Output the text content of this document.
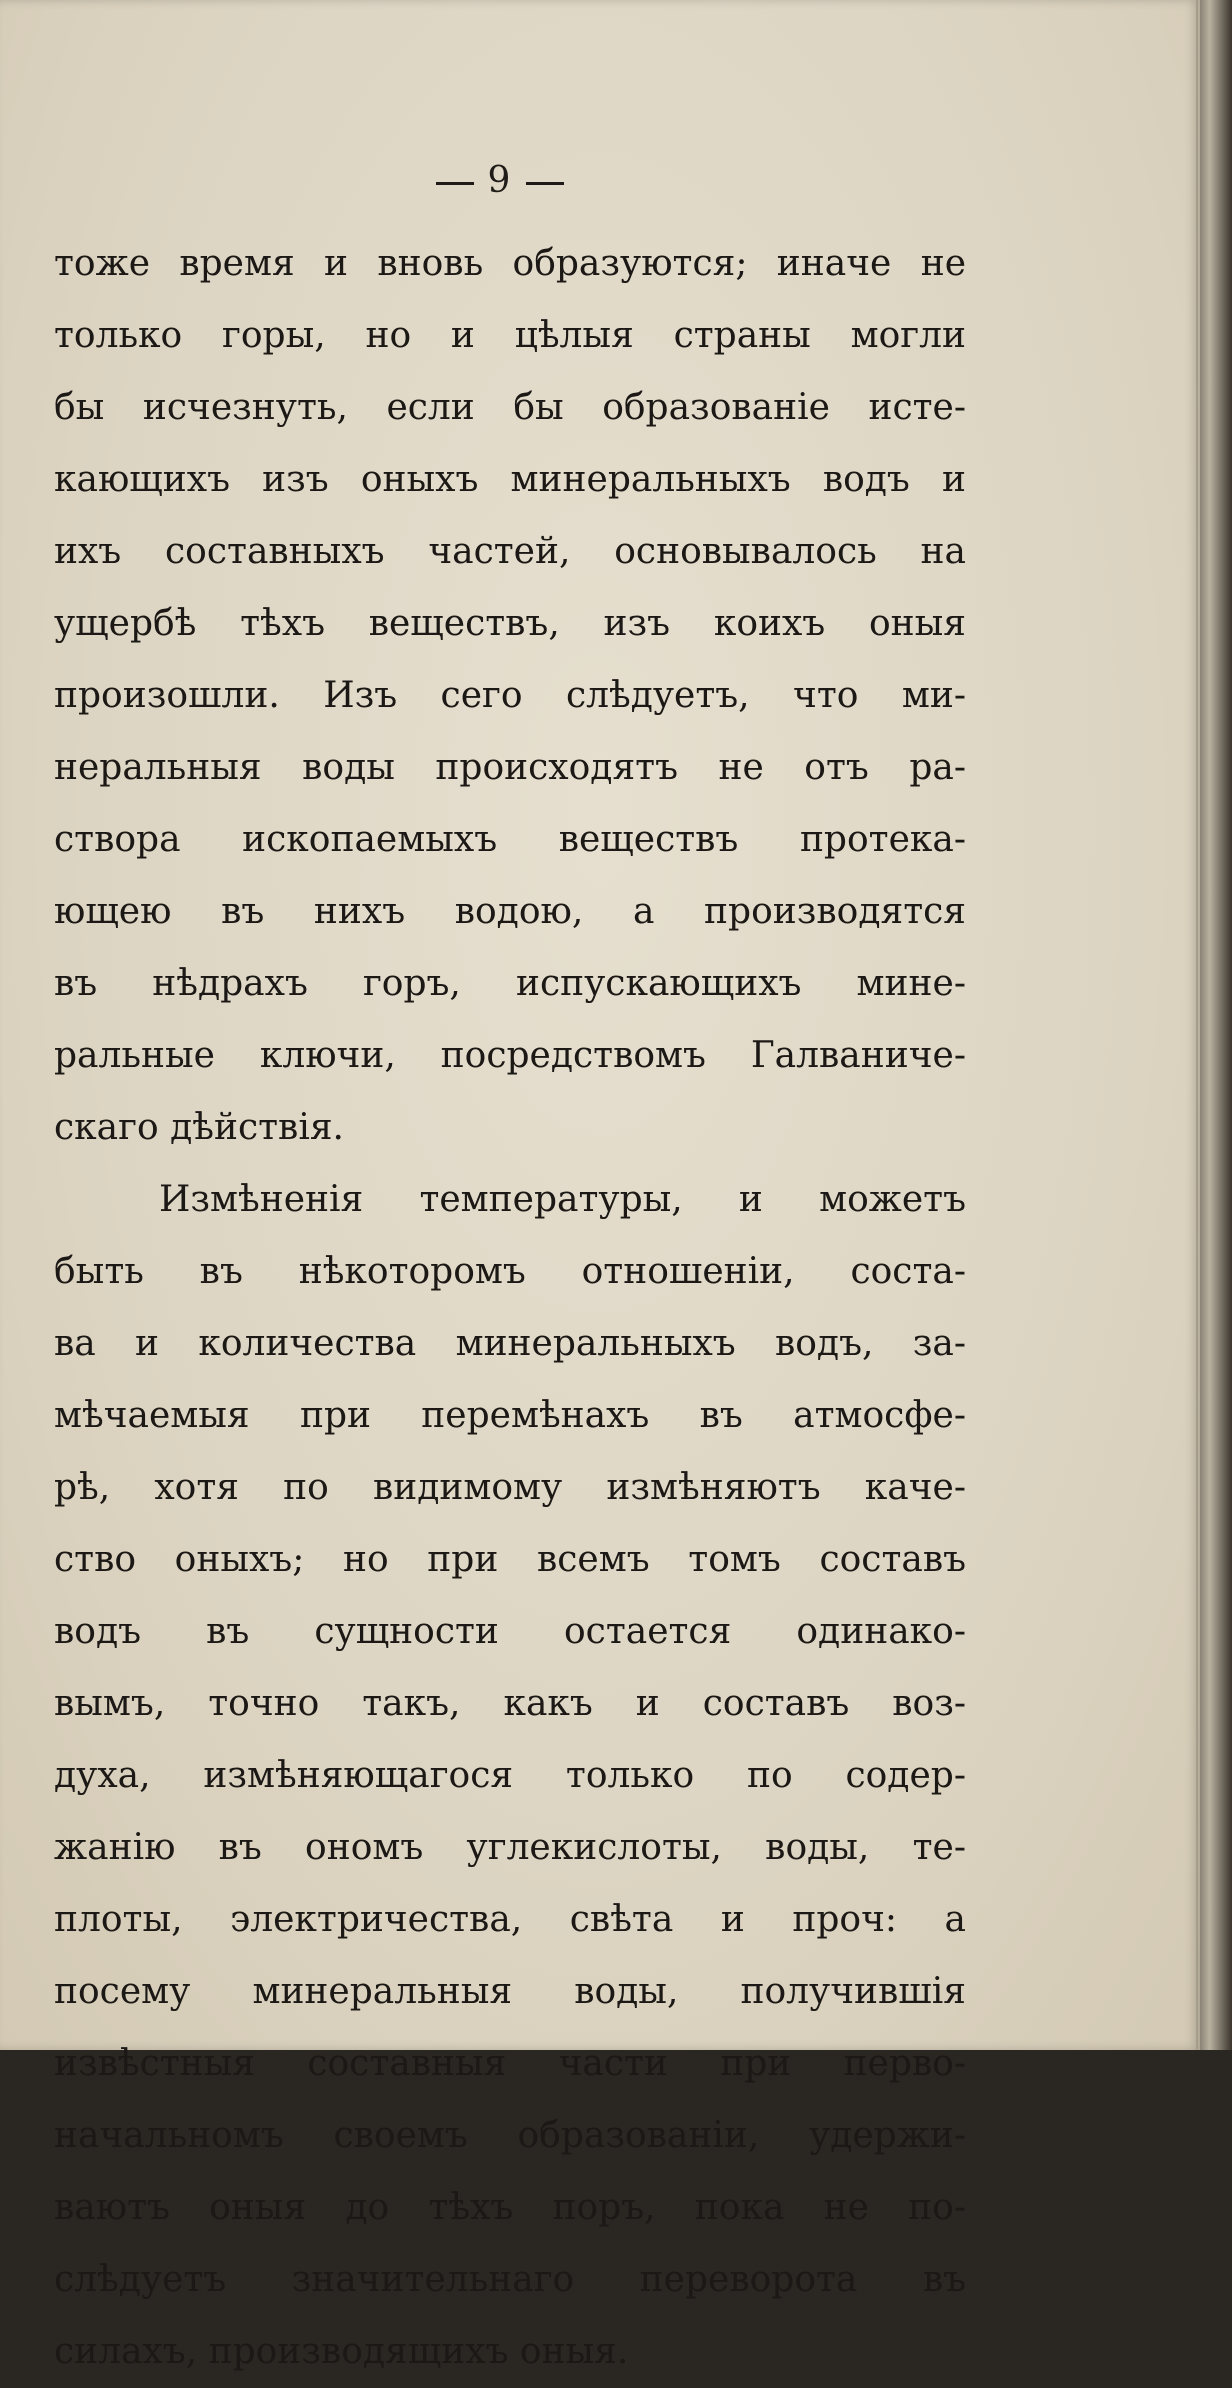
9
тоже время и вновь образуются; иначе не
только горы, но и цѣлыя страны могли
бы исчезнуть, если бы образованіе истe-
кающихъ изъ оныхъ минеральныхъ водъ и
ихъ составныхъ частей, основывалось на
ущербѣ тѣхъ веществъ, изъ коихъ оныя
произошли. Изъ сего слѣдуетъ, что ми-
неральныя воды происходятъ не отъ ра-
створа ископаемыхъ веществъ протека-
ющею въ нихъ водою, а производятся
въ нѣдрахъ горъ, испускающихъ мине-
ральные ключи, посредствомъ Галваниче-
скаго дѣйствія.
Измѣненія температуры, и можетъ
быть въ нѣкоторомъ отношеніи, соста-
ва и количества минеральныхъ водъ, за-
мѣчаемыя при перемѣнахъ въ атмосфе-
рѣ, хотя по видимому измѣняютъ каче-
ство оныхъ; но при всемъ томъ составъ
водъ въ сущности остается одинако-
вымъ, точно такъ, какъ и составъ воз-
духа, измѣняющагося только по содер-
жанію въ ономъ углекислоты, воды, те-
плоты, электричества, свѣта и проч: а
посему минеральныя воды, получившія
извѣстныя составныя части при перво-
начальномъ своемъ образованіи, удержи-
ваютъ оныя до тѣхъ поръ, пока не по-
слѣдуетъ значительнаго переворота въ
силахъ, производящихъ оныя.
